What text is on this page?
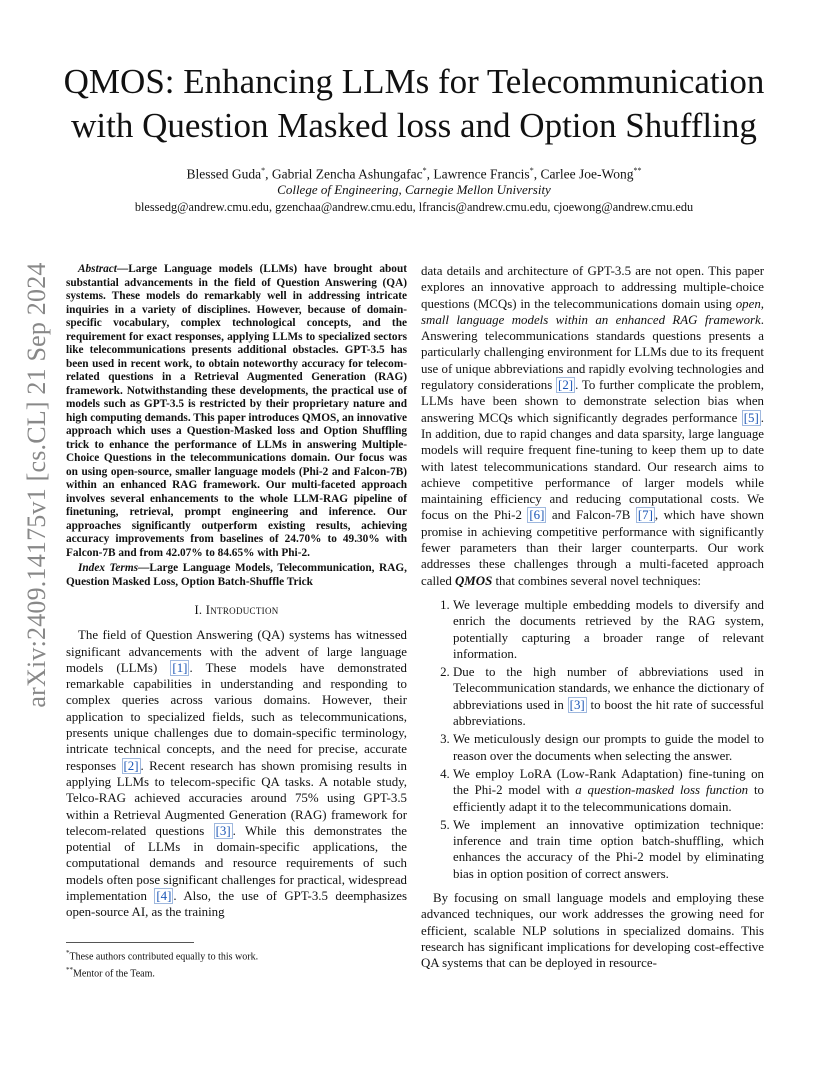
arXiv:2409.14175v1 [cs.CL] 21 Sep 2024
QMOS: Enhancing LLMs for Telecommunication
with Question Masked loss and Option Shuffling
Blessed Guda*, Gabrial Zencha Ashungafac*, Lawrence Francis*, Carlee Joe-Wong**
College of Engineering, Carnegie Mellon University
blessedg@andrew.cmu.edu, gzenchaa@andrew.cmu.edu, lfrancis@andrew.cmu.edu, cjoewong@andrew.cmu.edu

Abstract—Large Language models (LLMs) have brought about substantial advancements in the field of Question Answering (QA) systems. These models do remarkably well in addressing intricate inquiries in a variety of disciplines. However, because of domain-specific vocabulary, complex technological concepts, and the requirement for exact responses, applying LLMs to specialized sectors like telecommunications presents additional obstacles. GPT-3.5 has been used in recent work, to obtain noteworthy accuracy for telecom-related questions in a Retrieval Augmented Generation (RAG) framework. Notwithstanding these developments, the practical use of models such as GPT-3.5 is restricted by their proprietary nature and high computing demands. This paper introduces QMOS, an innovative approach which uses a Question-Masked loss and Option Shuffling trick to enhance the performance of LLMs in answering Multiple-Choice Questions in the telecommunications domain. Our focus was on using open-source, smaller language models (Phi-2 and Falcon-7B) within an enhanced RAG framework. Our multi-faceted approach involves several enhancements to the whole LLM-RAG pipeline of finetuning, retrieval, prompt engineering and inference. Our approaches significantly outperform existing results, achieving accuracy improvements from baselines of 24.70% to 49.30% with Falcon-7B and from 42.07% to 84.65% with Phi-2.

Index Terms—Large Language Models, Telecommunication, RAG, Question Masked Loss, Option Batch-Shuffle Trick

I. Introduction

The field of Question Answering (QA) systems has witnessed significant advancements with the advent of large language models (LLMs) [1] . These models have demonstrated remarkable capabilities in understanding and responding to complex queries across various domains. However, their application to specialized fields, such as telecommunications, presents unique challenges due to domain-specific terminology, intricate technical concepts, and the need for precise, accurate responses [2] . Recent research has shown promising results in applying LLMs to telecom-specific QA tasks. A notable study, Telco-RAG achieved accuracies around 75% using GPT-3.5 within a Retrieval Augmented Generation (RAG) framework for telecom-related questions [3] . While this demonstrates the potential of LLMs in domain-specific applications, the computational demands and resource requirements of such models often pose significant challenges for practical, widespread implementation [4] . Also, the use of GPT-3.5 deemphasizes open-source AI, as the training

data details and architecture of GPT-3.5 are not open. This paper explores an innovative approach to addressing multiple-choice questions (MCQs) in the telecommunications domain using open, small language models within an enhanced RAG framework. Answering telecommunications standards questions presents a particularly challenging environment for LLMs due to its frequent use of unique abbreviations and rapidly evolving technologies and regulatory considerations [2] . To further complicate the problem, LLMs have been shown to demonstrate selection bias when answering MCQs which significantly degrades performance [5] . In addition, due to rapid changes and data sparsity, large language models will require frequent fine-tuning to keep them up to date with latest telecommunications standard. Our research aims to achieve competitive performance of larger models while maintaining efficiency and reducing computational costs. We focus on the Phi-2 [6] and Falcon-7B [7] , which have shown promise in achieving competitive performance with significantly fewer parameters than their larger counterparts. Our work addresses these challenges through a multi-faceted approach called QMOS that combines several novel techniques:

1. We leverage multiple embedding models to diversify and enrich the documents retrieved by the RAG system, potentially capturing a broader range of relevant information.
2. Due to the high number of abbreviations used in Telecommunication standards, we enhance the dictionary of abbreviations used in [3] to boost the hit rate of successful abbreviations.
3. We meticulously design our prompts to guide the model to reason over the documents when selecting the answer.
4. We employ LoRA (Low-Rank Adaptation) fine-tuning on the Phi-2 model with a question-masked loss function to efficiently adapt it to the telecommunications domain.
5. We implement an innovative optimization technique: inference and train time option batch-shuffling, which enhances the accuracy of the Phi-2 model by eliminating bias in option position of correct answers.

By focusing on small language models and employing these advanced techniques, our work addresses the growing need for efficient, scalable NLP solutions in specialized domains. This research has significant implications for developing cost-effective QA systems that can be deployed in resource-

*These authors contributed equally to this work.
**Mentor of the Team.
